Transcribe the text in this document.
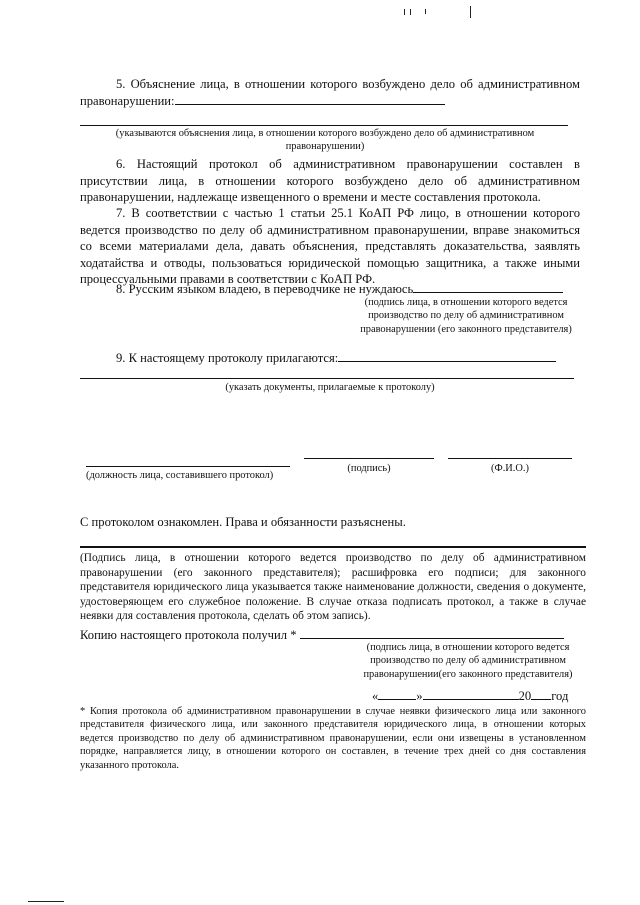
5. Объяснение лица, в отношении которого возбуждено дело об административном правонарушении:
(указываются объяснения лица, в отношении которого возбуждено дело об административном правонарушении)
6. Настоящий протокол об административном правонарушении составлен в присутствии лица, в отношении которого возбуждено дело об административном правонарушении, надлежаще извещенного о времени и месте составления протокола.
7. В соответствии с частью 1 статьи 25.1 КоАП РФ лицо, в отношении которого ведется производство по делу об административном правонарушении, вправе знакомиться со всеми материалами дела, давать объяснения, представлять доказательства, заявлять ходатайства и отводы, пользоваться юридической помощью защитника, а также иными процессуальными правами в соответствии с КоАП РФ.
8. Русским языком владею, в переводчике не нуждаюсь
(подпись лица, в отношении которого ведется производство по делу об административном правонарушении (его законного представителя)
9. К настоящему протоколу прилагаются:
(указать документы, прилагаемые к протоколу)
(должность лица, составившего протокол)
(подпись)	(Ф.И.О.)
С протоколом ознакомлен. Права и обязанности разъяснены.
(Подпись лица, в отношении которого ведется производство по делу об административном правонарушении (его законного представителя); расшифровка его подписи; для законного представителя юридического лица указывается также наименование должности, сведения о документе, удостоверяющем его служебное положение. В случае отказа подписать протокол, а также в случае неявки для составления протокола, сделать об этом запись).
Копию настоящего протокола получил *
(подпись лица, в отношении которого ведется производство по делу об административном правонарушении(его законного представителя)
«	»	20 год
* Копия протокола об административном правонарушении в случае неявки физического лица или законного представителя физического лица, или законного представителя юридического лица, в отношении которых ведется производство по делу об административном правонарушении, если они извещены в установленном порядке, направляется лицу, в отношении которого он составлен, в течение трех дней со дня составления указанного протокола.
